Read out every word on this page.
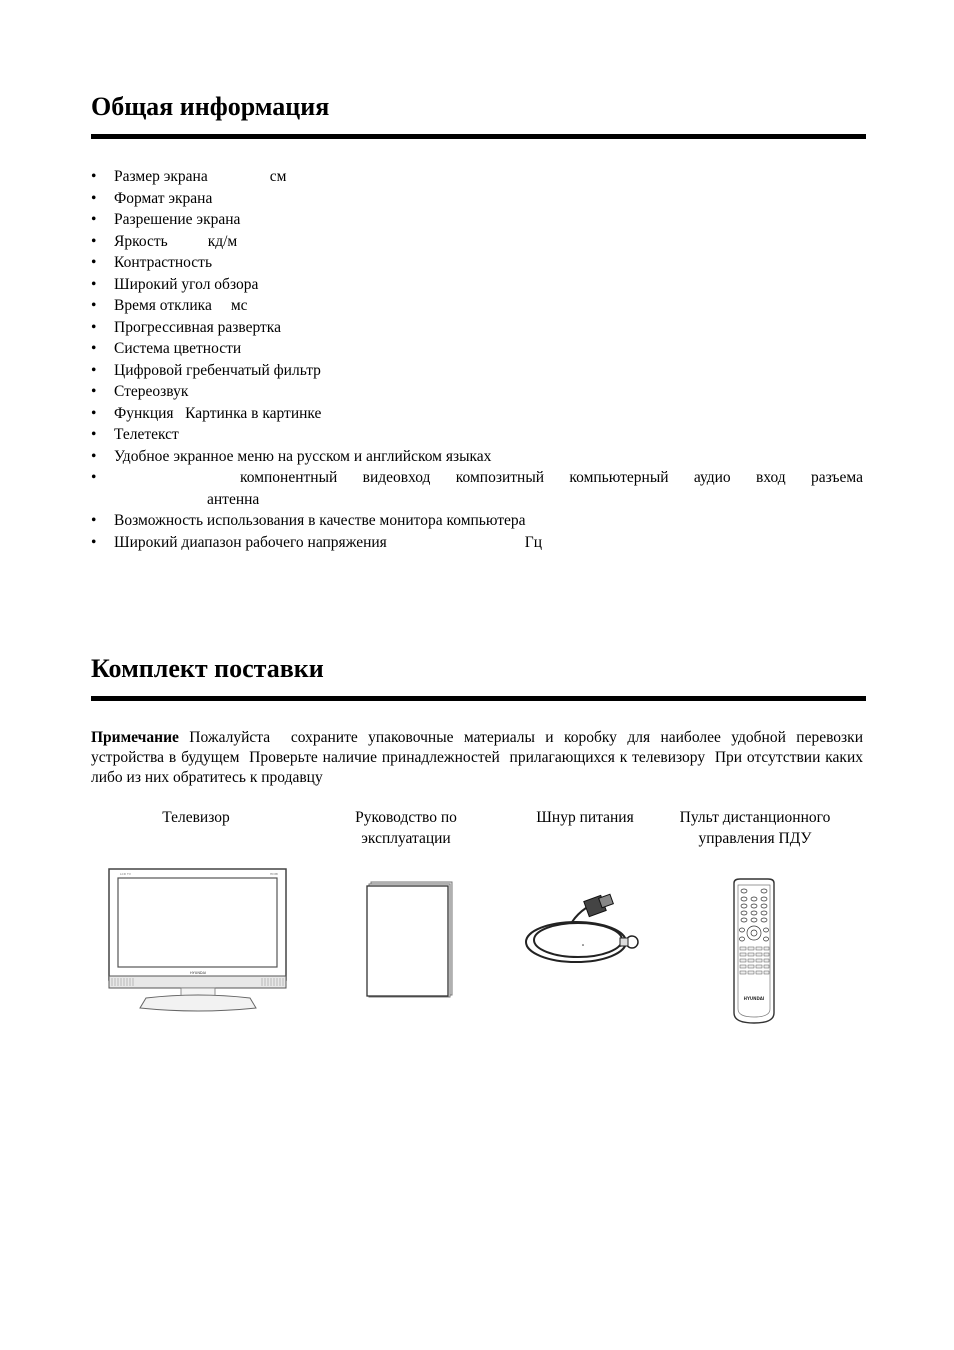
Общая информация
• Размер экрана	см
• Формат экрана
• Разрешение экрана
• Яркость	кд/м
• Контрастность
• Широкий угол обзора
• Время отклика мс
• Прогрессивная развертка
• Система цветности
• Цифровой гребенчатый фильтр
• Стереозвук
• Функция   Картинка в картинке
• Телетекст
• Удобное экранное меню на русском и английском языках
• компонентный видеовход композитный компьютерный аудио вход разъема
антенна
• Возможность использования в качестве монитора компьютера
• Широкий диапазон рабочего напряжения	Гц
Комплект поставки

Примечание Пожалуйста  сохраните упаковочные материалы и коробку для наиболее удобной перевозки устройства в будущем  Проверьте наличие принадлежностей  прилагающихся к телевизору  При отсутствии каких либо из них обратитесь к продавцу

Телевизор	Руководство по
эксплуатации
Шнур питания	Пульт дистанционного
управления ПДУ
LCD TV	HDMI
HYUNDAI
HYUNDAI
